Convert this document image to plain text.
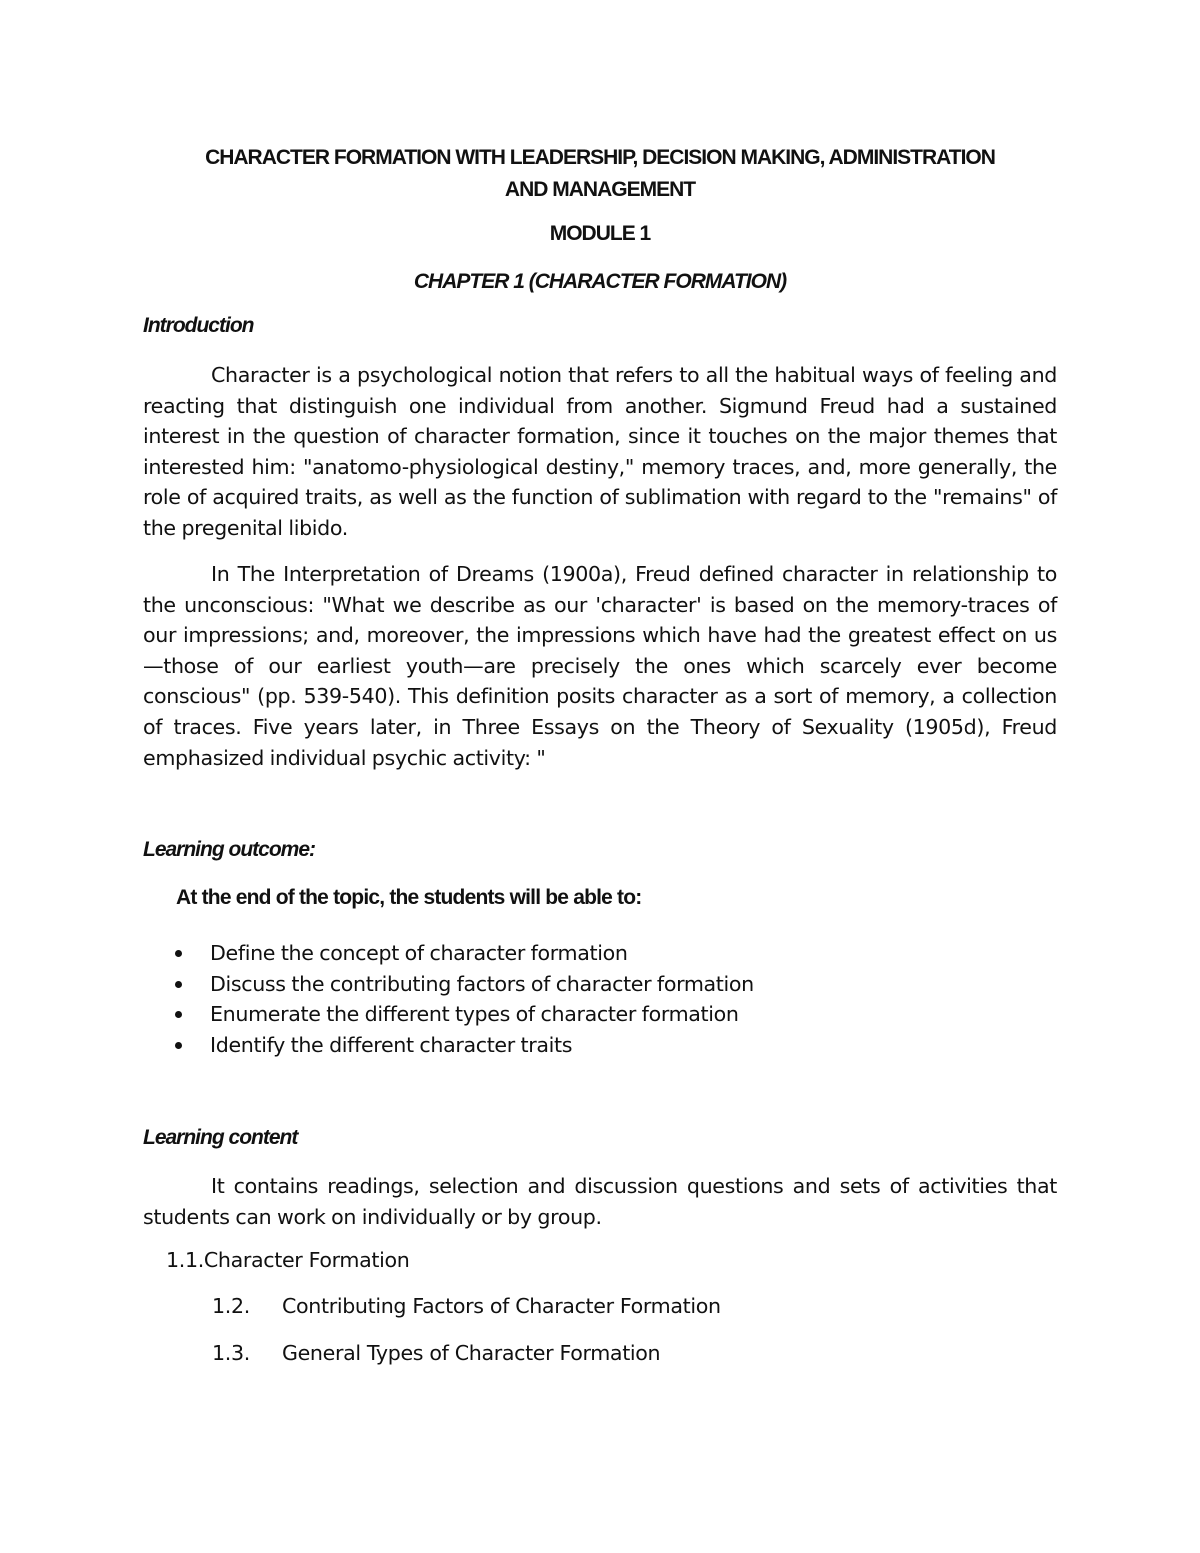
CHARACTER FORMATION WITH LEADERSHIP, DECISION MAKING, ADMINISTRATION
AND MANAGEMENT
MODULE 1
CHAPTER 1 (CHARACTER FORMATION)
Introduction

Character is a psychological notion that refers to all the habitual ways of feeling and reacting that distinguish one individual from another. Sigmund Freud had a sustained interest in the question of character formation, since it touches on the major themes that interested him: "anatomo-physiological destiny," memory traces, and, more generally, the role of acquired traits, as well as the function of sublimation with regard to the "remains" of the pregenital libido.

In The Interpretation of Dreams (1900a), Freud defined character in relationship to the unconscious: "What we describe as our 'character' is based on the memory-traces of our impressions; and, moreover, the impressions which have had the greatest effect on us—those of our earliest youth—are precisely the ones which scarcely ever become conscious" (pp. 539-540). This definition posits character as a sort of memory, a collection of traces. Five years later, in Three Essays on the Theory of Sexuality (1905d), Freud emphasized individual psychic activity: "

Learning outcome:
At the end of the topic, the students will be able to:
Define the concept of character formation
Discuss the contributing factors of character formation
Enumerate the different types of character formation
Identify the different character traits
Learning content

It contains readings, selection and discussion questions and sets of activities that students can work on individually or by group.

1.1.Character Formation
1.2. Contributing Factors of Character Formation
1.3. General Types of Character Formation
